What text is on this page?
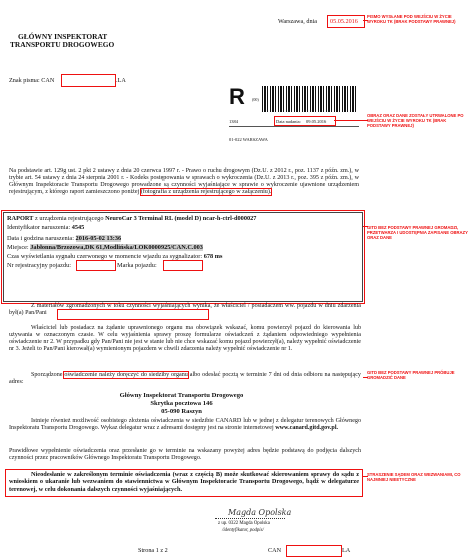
GŁÓWNY INSPEKTORAT
TRANSPORTU DROGOWEGO
Warszawa, dnia 05.05.2016
Znak pisma: CAN	.LA
R (00)
1384	Data nadania: 09.05.2016
01-022 WARSZAWA
Na podstawie art. 129g ust. 2 pkt 2 ustawy z dnia 20 czerwca 1997 r. - Prawo o ruchu drogowym (Dz.U. z 2012 r., poz. 1137 z późn. zm.), w trybie art. 54 ustawy z dnia 24 sierpnia 2001 r. - Kodeks postępowania w sprawach o wykroczenia (Dz.U. z 2013 r., poz. 395 z późn. zm.), w Głównym Inspektoracie Transportu Drogowego prowadzone są czynności wyjaśniające w sprawie o wykroczenie ujawnione urządzeniem rejestrującym, z którego raport zamieszczono poniżej (fotografia z urządzenia rejestrującego w załączeniu).
RAPORT z urządzenia rejestrującego NeuroCar 3 Terminal RL (model D) ncar-h-ctrl-d000027
Identyfikator naruszenia: 4545
Data i godzina naruszenia: 2016-05-02 13:36
Miejsce: Jabłonna/Brzozowa,DK 61,Modlińska/LOK0000925/CAN.C.003
Czas wyświetlania sygnału czerwonego w momencie wjazdu za sygnalizator: 678 ms
Nr rejestracyjny pojazdu:	Marka pojazdu:
Z materiałów zgromadzonych w toku czynności wyjaśniających wynika, że właściciel / posiadaczem ww. pojazdu w dniu zdarzenia był(a) Pan/Pani
Właściciel lub posiadacz na żądanie uprawnionego organu ma obowiązek wskazać, komu powierzył pojazd do kierowania lub używania w oznaczonym czasie. W celu wyjaśnienia sprawy proszę formularze oświadczeń z żądaniem odpowiedniego wypełnienia oświadczenie nr 2. W przypadku gdy Pan/Pani nie jest w stanie lub nie chce wskazać komu pojazd powierzył(a), należy wypełnić oświadczenie nr 3. Jeżeli to Pan/Pani kierował(a) wymienionym pojazdem w chwili zdarzenia należy wypełnić oświadczenie nr 1.
Sporządzone oświadczenie należy doręczyć do siedziby organu albo odesłać pocztą w terminie 7 dni od dnia odbioru na następujący adres:
Główny Inspektorat Transportu Drogowego
Skrytka pocztowa 146
05-090 Raszyn
Istnieje również możliwość osobistego złożenia oświadczenia w siedzibie CANARD lub w jednej z delegatur terenowych Głównego Inspektoratu Transportu Drogowego. Wykaz delegatur wraz z adresami dostępny jest na stronie internetowej www.canard.gitd.gov.pl.
Prawidłowe wypełnienie oświadczenia oraz przesłanie go w terminie na wskazany powyżej adres będzie podstawą do podjęcia dalszych czynności przez pracowników Głównego Inspektoratu Transportu Drogowego.
Nieodesłanie w zakreślonym terminie oświadczenia (wraz z częścią B) może skutkować skierowaniem sprawy do sądu z wnioskiem o ukaranie lub wezwaniem do stawiennictwa w Głównym Inspektoracie Transportu Drogowego, bądź w delegaturze terenowej, w celu dokonania dalszych czynności wyjaśniających.
Magda Opolska
z up. 0322 Magda Opolska
/identyfikator, podpis/
Strona 1 z 2	CAN	LA
PISMO WYSŁANE POD WEJŚCIU W ŻYCIE WYROKU TK (BRAK PODSTAWY PRAWNEJ)
OBRAZ ORAZ DANE ZOSTAŁY UTRWALONE PO WEJŚCIU W ŻYCIE WYROKU TK (BRAK PODSTAWY PRAWNEJ)
GITD BEZ PODSTAWY PRAWNEJ GROMADZI, PRZETWARZA I UDOSTĘPNIA ZAPISANE OBRAZY ORAZ DANE
GITD BEZ PODSTAWY PRAWNEJ PRÓBUJE GROMADZIĆ DANE
STRASZENIE SĄDEM ORAZ WEZWANIAMI, CO NAJMNIEJ NIEETYCZNE
